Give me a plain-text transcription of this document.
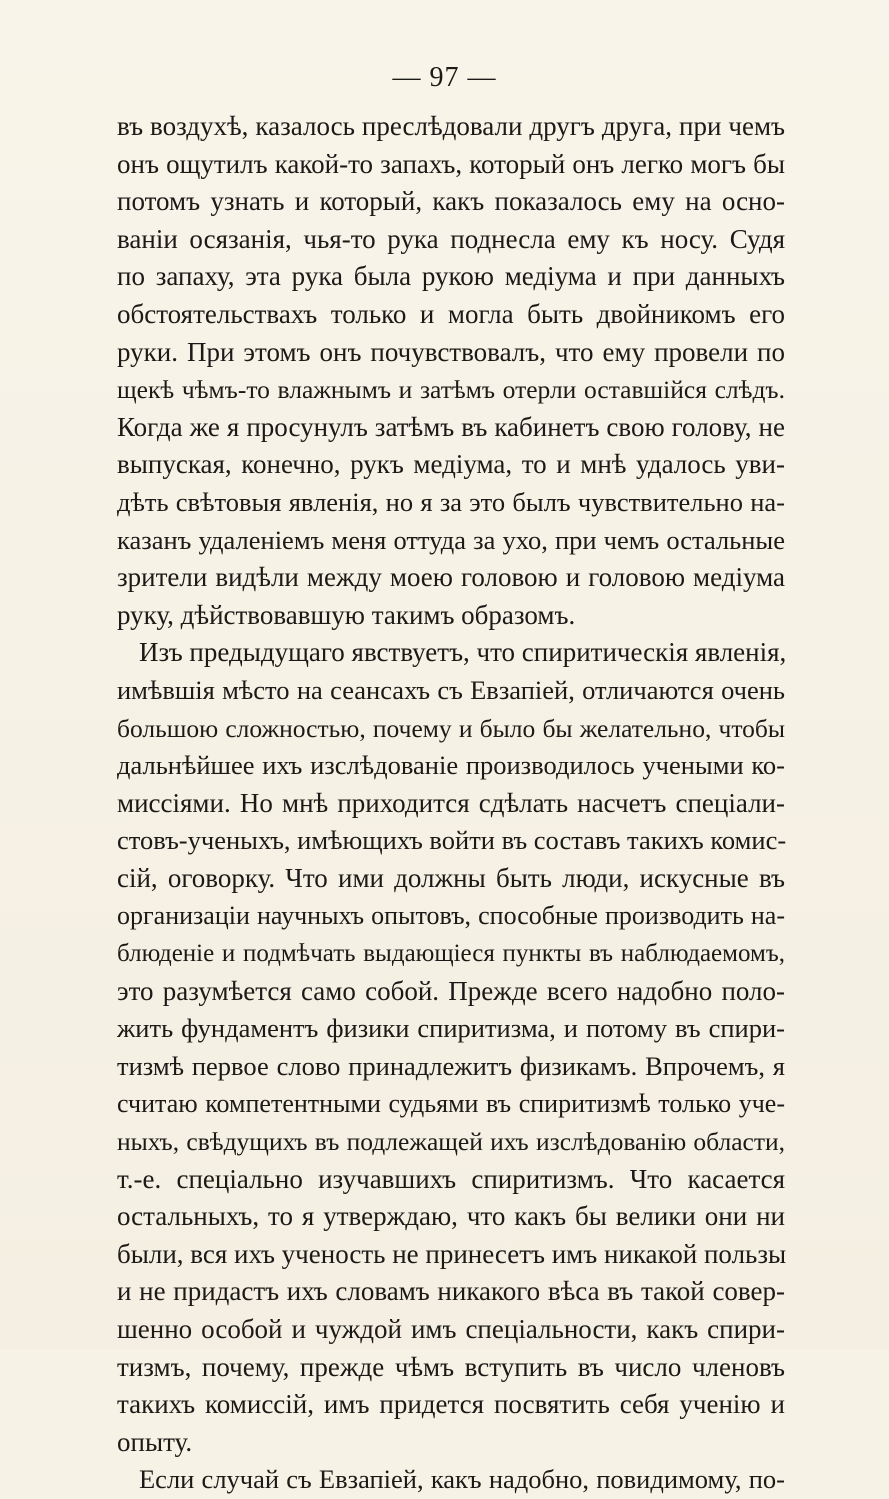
— 97 —
въ воздухѣ, казалось преслѣдовали другъ друга, при чемъ
онъ ощутилъ какой-то запахъ, который онъ легко могъ бы
потомъ узнать и который, какъ показалось ему на осно-
ваніи осязанія, чья-то рука поднесла ему къ носу. Судя
по запаху, эта рука была рукою медіума и при данныхъ
обстоятельствахъ только и могла быть двойникомъ его
руки. При этомъ онъ почувствовалъ, что ему провели по
щекѣ чѣмъ-то влажнымъ и затѣмъ отерли оставшійся слѣдъ.
Когда же я просунулъ затѣмъ въ кабинетъ свою голову, не
выпуская, конечно, рукъ медіума, то и мнѣ удалось уви-
дѣть свѣтовыя явленія, но я за это былъ чувствительно на-
казанъ удаленіемъ меня оттуда за ухо, при чемъ остальные
зрители видѣли между моею головою и головою медіума
руку, дѣйствовавшую такимъ образомъ.
Изъ предыдущаго явствуетъ, что спиритическія явленія,
имѣвшія мѣсто на сеансахъ съ Евзапіей, отличаются очень
большою сложностью, почему и было бы желательно, чтобы
дальнѣйшее ихъ изслѣдованіе производилось учеными ко-
миссіями. Но мнѣ приходится сдѣлать насчетъ спеціали-
стовъ-ученыхъ, имѣющихъ войти въ составъ такихъ комис-
сій, оговорку. Что ими должны быть люди, искусные въ
организаціи научныхъ опытовъ, способные производить на-
блюденіе и подмѣчать выдающіеся пункты въ наблюдаемомъ,
это разумѣется само собой. Прежде всего надобно поло-
жить фундаментъ физики спиритизма, и потому въ спири-
тизмѣ первое слово принадлежитъ физикамъ. Впрочемъ, я
считаю компетентными судьями въ спиритизмѣ только уче-
ныхъ, свѣдущихъ въ подлежащей ихъ изслѣдованію области,
т.-е. спеціально изучавшихъ спиритизмъ. Что касается
остальныхъ, то я утверждаю, что какъ бы велики они ни
были, вся ихъ ученость не принесетъ имъ никакой пользы
и не придастъ ихъ словамъ никакого вѣса въ такой совер-
шенно особой и чуждой имъ спеціальности, какъ спири-
тизмъ, почему, прежде чѣмъ вступить въ число членовъ
такихъ комиссій, имъ придется посвятить себя ученію и
опыту.
Если случай съ Евзапіей, какъ надобно, повидимому, по-
